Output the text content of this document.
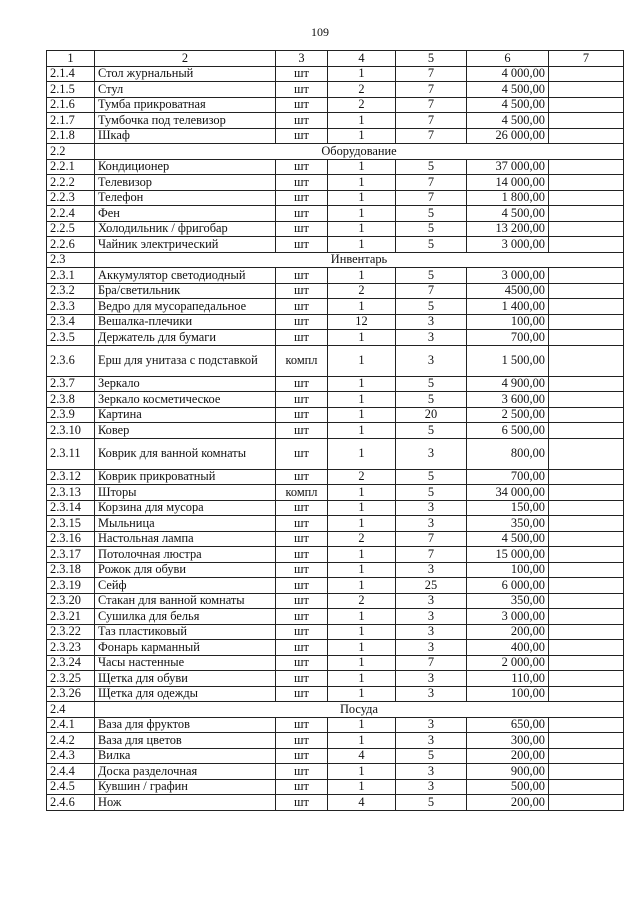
109
1	2	3	4	5	6	7
2.1.4	Стол журнальный	шт	1	7	4 000,00	
2.1.5	Стул	шт	2	7	4 500,00	
2.1.6	Тумба прикроватная	шт	2	7	4 500,00	
2.1.7	Тумбочка под телевизор	шт	1	7	4 500,00	
2.1.8	Шкаф	шт	1	7	26 000,00	
2.2	Оборудование					
2.2.1	Кондиционер	шт	1	5	37 000,00	
2.2.2	Телевизор	шт	1	7	14 000,00	
2.2.3	Телефон	шт	1	7	1 800,00	
2.2.4	Фен	шт	1	5	4 500,00	
2.2.5	Холодильник / фригобар	шт	1	5	13 200,00	
2.2.6	Чайник электрический	шт	1	5	3 000,00	
2.3	Инвентарь					
2.3.1	Аккумулятор светодиодный	шт	1	5	3 000,00	
2.3.2	Бра/светильник	шт	2	7	4500,00	
2.3.3	Ведро для мусорапедальное	шт	1	5	1 400,00	
2.3.4	Вешалка-плечики	шт	12	3	100,00	
2.3.5	Держатель для бумаги	шт	1	3	700,00	
2.3.6	Ерш для унитаза с подставкой	компл	1	3	1 500,00	
2.3.7	Зеркало	шт	1	5	4 900,00	
2.3.8	Зеркало косметическое	шт	1	5	3 600,00	
2.3.9	Картина	шт	1	20	2 500,00	
2.3.10	Ковер	шт	1	5	6 500,00	
2.3.11	Коврик для ванной комнаты	шт	1	3	800,00	
2.3.12	Коврик прикроватный	шт	2	5	700,00	
2.3.13	Шторы	компл	1	5	34 000,00	
2.3.14	Корзина для мусора	шт	1	3	150,00	
2.3.15	Мыльница	шт	1	3	350,00	
2.3.16	Настольная лампа	шт	2	7	4 500,00	
2.3.17	Потолочная люстра	шт	1	7	15 000,00	
2.3.18	Рожок для обуви	шт	1	3	100,00	
2.3.19	Сейф	шт	1	25	6 000,00	
2.3.20	Стакан для ванной комнаты	шт	2	3	350,00	
2.3.21	Сушилка для белья	шт	1	3	3 000,00	
2.3.22	Таз пластиковый	шт	1	3	200,00	
2.3.23	Фонарь карманный	шт	1	3	400,00	
2.3.24	Часы настенные	шт	1	7	2 000,00	
2.3.25	Щетка для обуви	шт	1	3	110,00	
2.3.26	Щетка для одежды	шт	1	3	100,00	
2.4	Посуда					
2.4.1	Ваза для фруктов	шт	1	3	650,00	
2.4.2	Ваза для цветов	шт	1	3	300,00	
2.4.3	Вилка	шт	4	5	200,00	
2.4.4	Доска разделочная	шт	1	3	900,00	
2.4.5	Кувшин / графин	шт	1	3	500,00	
2.4.6	Нож	шт	4	5	200,00	
